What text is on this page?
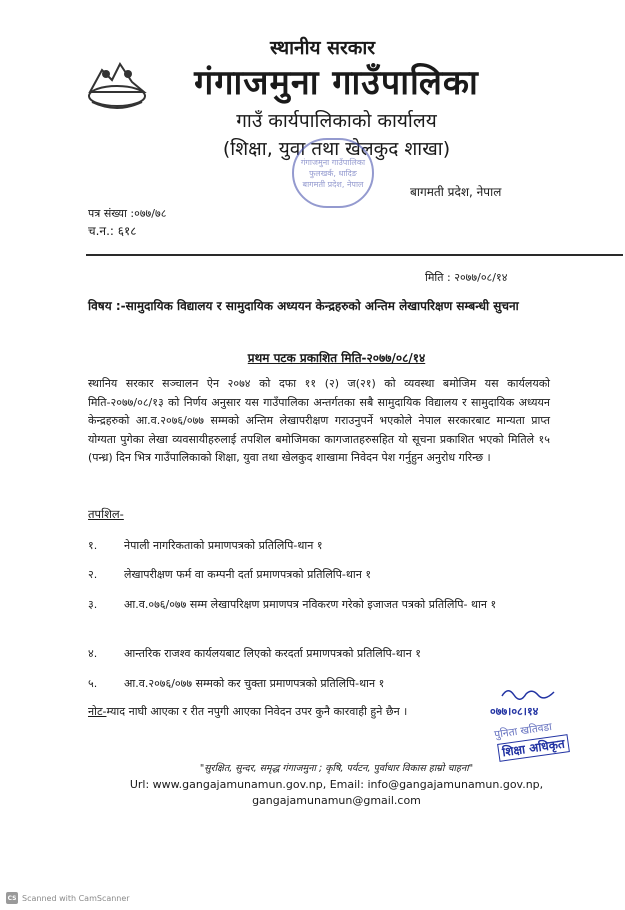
स्थानीय सरकार
गंगाजमुना गाउँपालिका
गाउँ कार्यपालिकाको कार्यालय
(शिक्षा, युवा तथा खेलकुद शाखा)
गंगाजमुना गाउँपालिका
फुलखर्क, धादिङ
बागमती प्रदेश, नेपाल
बागमती प्रदेश, नेपाल
पत्र संख्या :०७७/७८
च.न.: ६१८
मिति : २०७७/०८/१४
विषय :-सामुदायिक विद्यालय र सामुदायिक अध्ययन केन्द्रहरुको अन्तिम लेखापरिक्षण सम्बन्धी सुचना
प्रथम पटक प्रकाशित मिति-२०७७/०८/१४
स्थानिय सरकार सञ्चालन ऐन २०७४ को दफा ११ (२) ज(२१) को व्यवस्था बमोजिम यस कार्यलयको मिति-२०७७/०८/१३ को निर्णय अनुसार यस गाउँपालिका अन्तर्गतका सबै सामुदायिक विद्यालय र सामुदायिक अध्ययन केन्द्रहरुको आ.व.२०७६/०७७ सम्मको अन्तिम लेखापरीक्षण गराउनुपर्ने भएकोले नेपाल सरकारबाट मान्यता प्राप्त योग्यता पुगेका लेखा व्यवसायीहरुलाई तपशिल बमोजिमका कागजातहरुसहित यो सूचना प्रकाशित भएको मितिले १५ (पन्ध्र) दिन भित्र गाउँपालिकाको शिक्षा, युवा तथा खेलकुद शाखामा निवेदन पेश गर्नुहुन अनुरोध गरिन्छ ।
तपशिल-
१.	नेपाली नागरिकताको प्रमाणपत्रको प्रतिलिपि-थान १
२.	लेखापरीक्षण फर्म वा कम्पनी दर्ता प्रमाणपत्रको प्रतिलिपि-थान १
३.	आ.व.०७६/०७७ सम्म लेखापरिक्षण प्रमाणपत्र नविकरण गरेको इजाजत पत्रको प्रतिलिपि- थान १
४.	आन्तरिक राजश्व कार्यलयबाट लिएको करदर्ता प्रमाणपत्रको प्रतिलिपि-थान १
५.	आ.व.२०७६/०७७ सम्मको कर चुक्ता प्रमाणपत्रको प्रतिलिपि-थान १
नोट-म्याद नाघी आएका र रीत नपुगी आएका निवेदन उपर कुनै कारवाही हुने छैन ।	०७७।०८।१४
पुनिता खतिवडा
शिक्षा अधिकृत
"सुरक्षित, सुन्दर, समृद्ध गंगाजमुना ; कृषि, पर्यटन, पुर्वाधार विकास हाम्रो चाहना"
Url: www.gangajamunamun.gov.np, Email: info@gangajamunamun.gov.np,
gangajamunamun@gmail.com
CS Scanned with CamScanner
